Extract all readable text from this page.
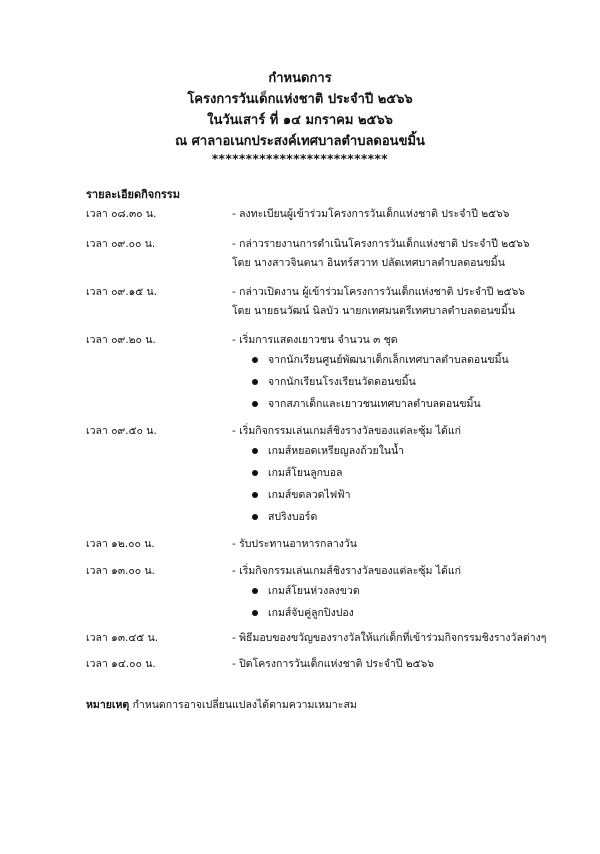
กำหนดการ
โครงการวันเด็กแห่งชาติ ประจำปี ๒๕๖๖
ในวันเสาร์ ที่ ๑๔ มกราคม ๒๕๖๖
ณ ศาลาอเนกประสงค์เทศบาลตำบลดอนขมิ้น
**************************
รายละเอียดกิจกรรม
เวลา ๐๘.๓๐ น.	- ลงทะเบียนผู้เข้าร่วมโครงการวันเด็กแห่งชาติ ประจำปี ๒๕๖๖
เวลา ๐๙.๐๐ น.	- กล่าวรายงานการดำเนินโครงการวันเด็กแห่งชาติ ประจำปี ๒๕๖๖
โดย นางสาวจินตนา อินทร์สวาท ปลัดเทศบาลตำบลดอนขมิ้น
เวลา ๐๙.๑๕ น.	- กล่าวเปิดงาน ผู้เข้าร่วมโครงการวันเด็กแห่งชาติ ประจำปี ๒๕๖๖
โดย นายธนวัฒน์ นิลบัว นายกเทศมนตรีเทศบาลตำบลดอนขมิ้น
เวลา ๐๙.๒๐ น.	- เริ่มการแสดงเยาวชน จำนวน ๓ ชุด
จากนักเรียนศูนย์พัฒนาเด็กเล็กเทศบาลตำบลดอนขมิ้น
จากนักเรียนโรงเรียนวัดดอนขมิ้น
จากสภาเด็กและเยาวชนเทศบาลตำบลดอนขมิ้น
เวลา ๐๙.๕๐ น.	- เริ่มกิจกรรมเล่นเกมส์ชิงรางวัลของแต่ละซุ้ม ได้แก่
เกมส์หยอดเหรียญลงถ้วยในน้ำ
เกมส์โยนลูกบอล
เกมส์ขดลวดไฟฟ้า
สปริงบอร์ด
เวลา ๑๒.๐๐ น.	- รับประทานอาหารกลางวัน
เวลา ๑๓.๐๐ น.	- เริ่มกิจกรรมเล่นเกมส์ชิงรางวัลของแต่ละซุ้ม ได้แก่
เกมส์โยนห่วงลงขวด
เกมส์จับคู่ลูกปิงปอง
เวลา ๑๓.๔๕ น.	- พิธีมอบของขวัญของรางวัลให้แก่เด็กที่เข้าร่วมกิจกรรมชิงรางวัลต่างๆ
เวลา ๑๔.๐๐ น.	- ปิดโครงการวันเด็กแห่งชาติ ประจำปี ๒๕๖๖
หมายเหตุ กำหนดการอาจเปลี่ยนแปลงได้ตามความเหมาะสม
